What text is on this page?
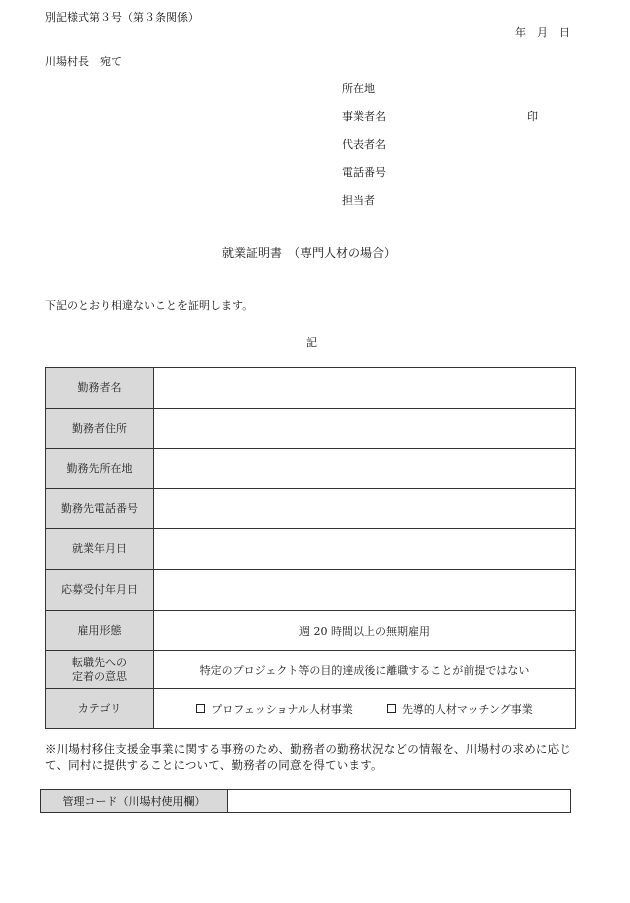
別記様式第３号（第３条関係）
年　月　日
川場村長　宛て
所在地
事業者名	印
代表者名
電話番号
担当者
就業証明書　（専門人材の場合）
下記のとおり相違ないことを証明します。
記
勤務者名	
勤務者住所	
勤務先所在地	
勤務先電話番号	
就業年月日	
応募受付年月日	
雇用形態	週 20 時間以上の無期雇用

転職先への
定着の意思	特定のプロジェクト等の目的達成後に離職することが前提ではない
カテゴリ	プロフェッショナル人材事業 先導的人材マッチング事業
※川場村移住支援金事業に関する事務のため、勤務者の勤務状況などの情報を、川場村の求めに応じて、同村に提供することについて、勤務者の同意を得ています。
管理コード（川場村使用欄）	
